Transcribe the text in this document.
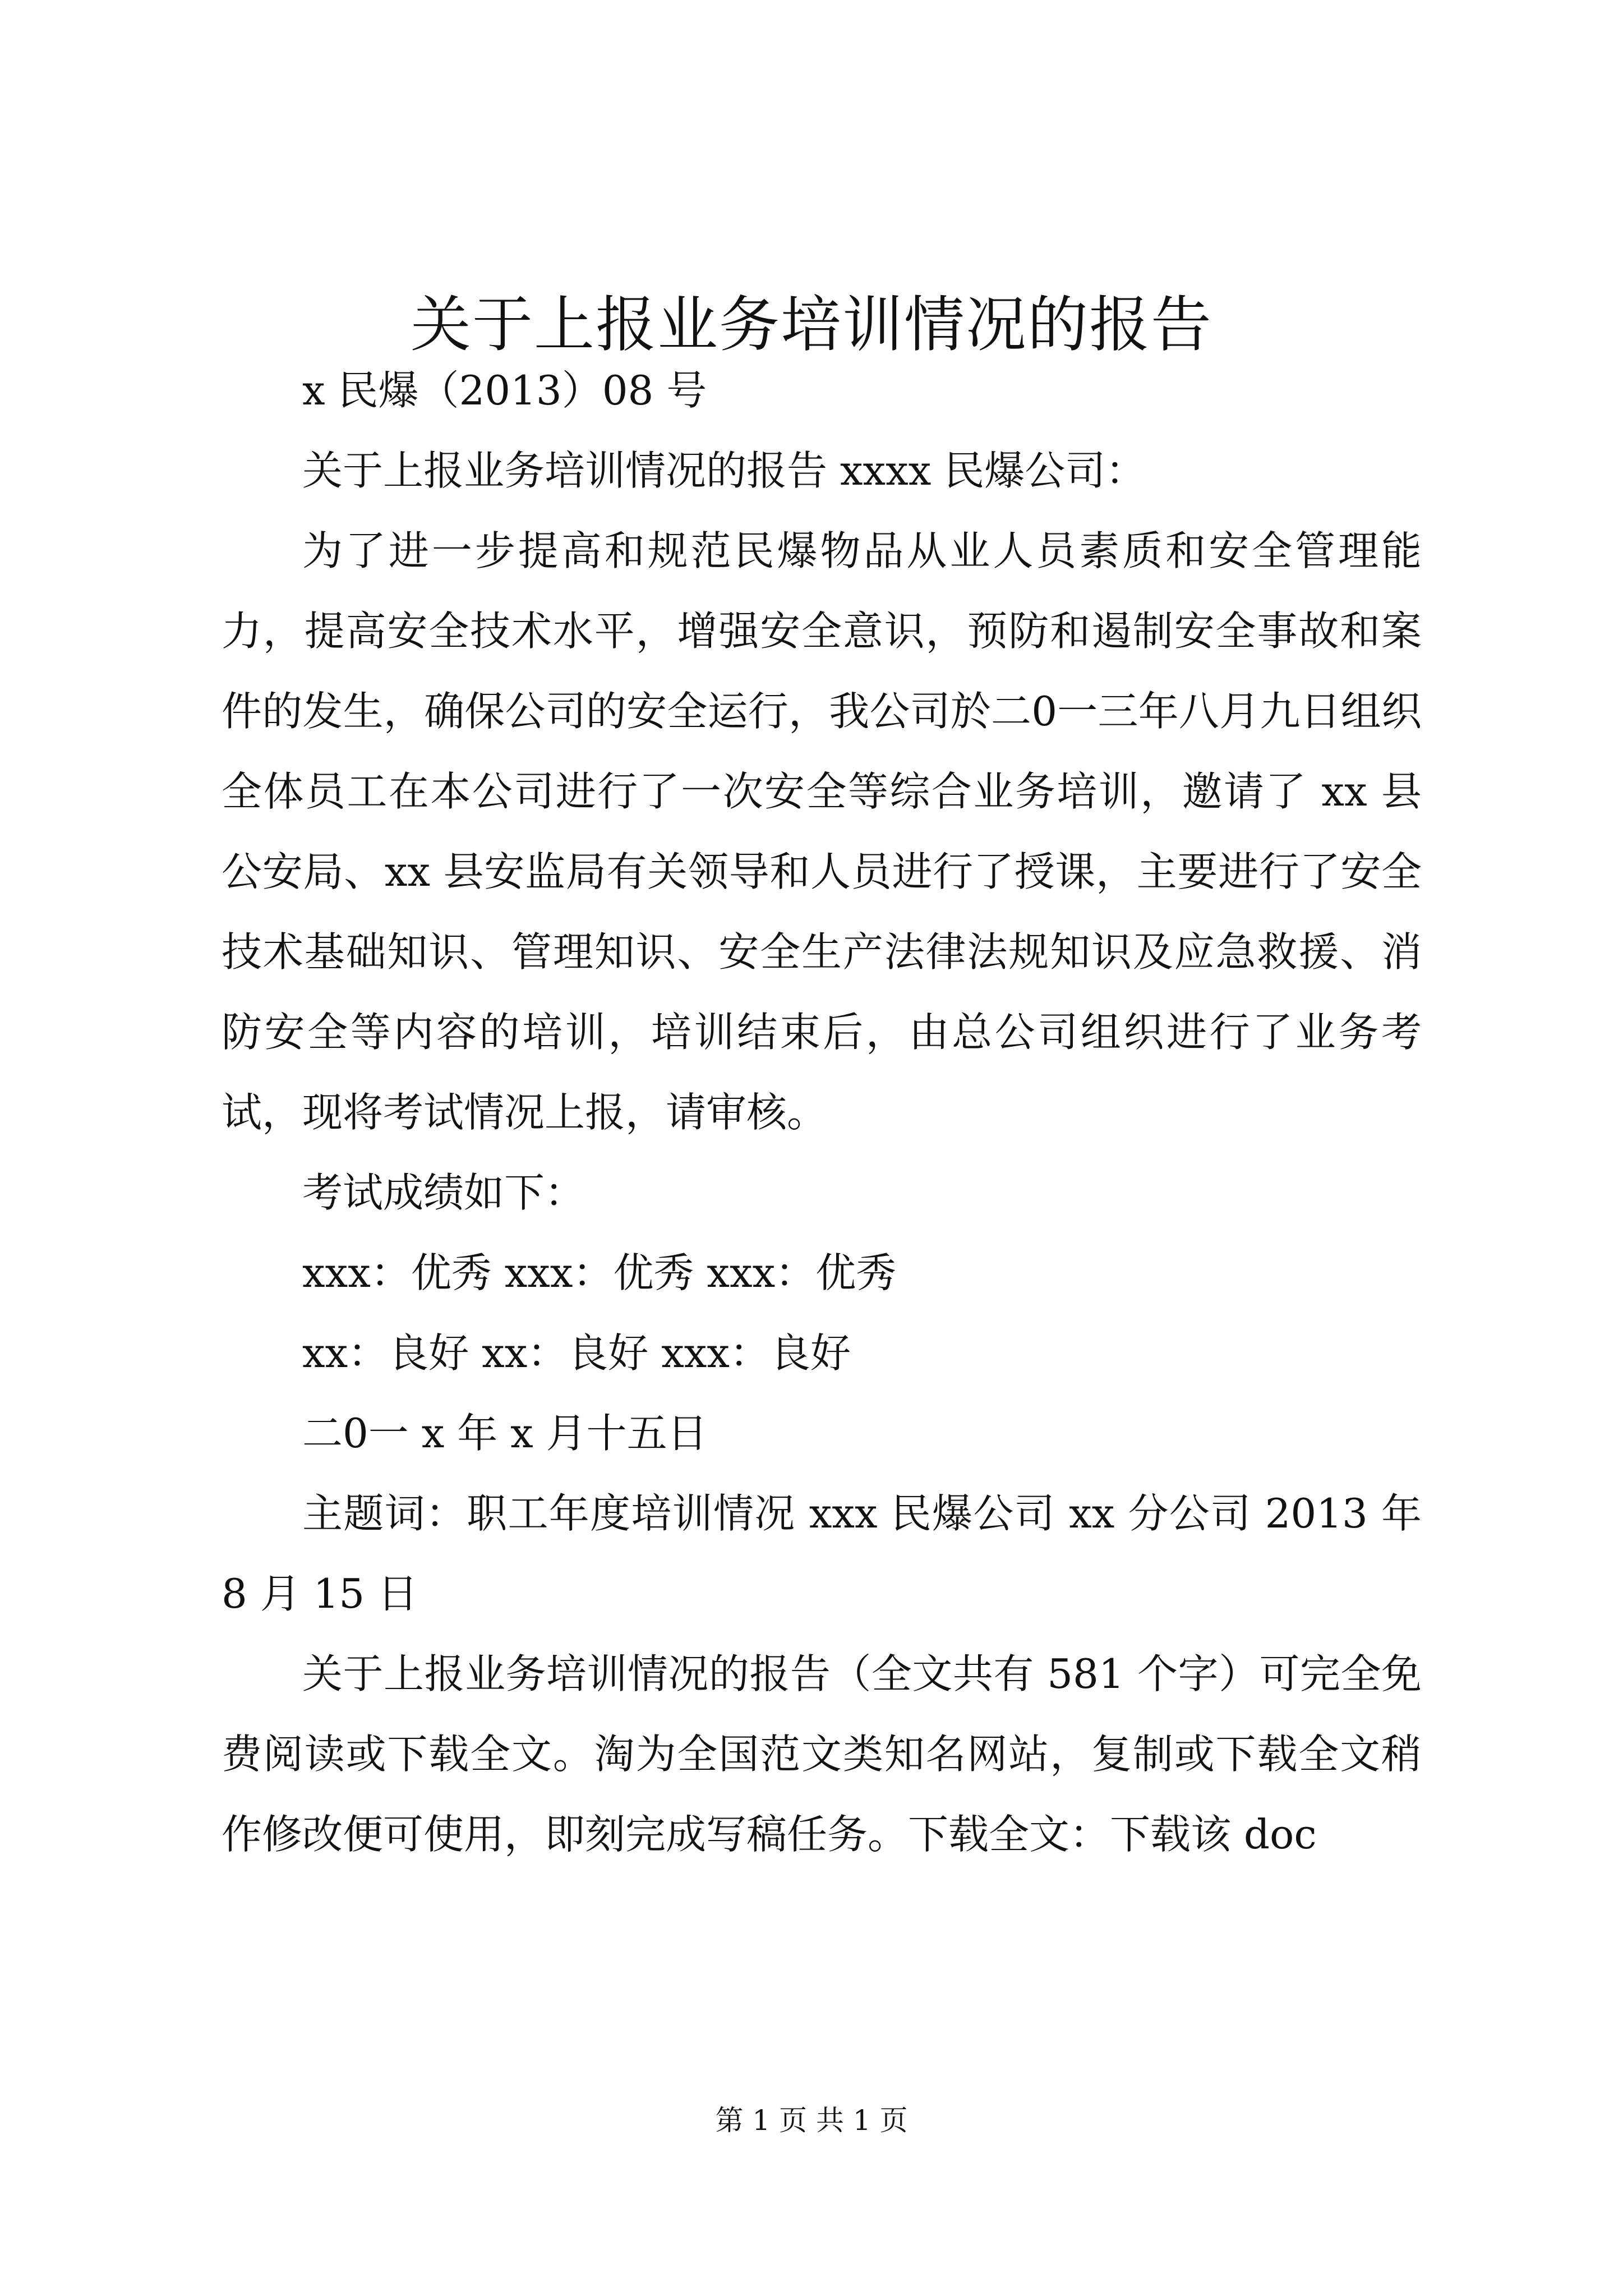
关于上报业务培训情况的报告

x 民爆（2013）08 号

关于上报业务培训情况的报告 xxxx 民爆公司：

为了进一步提高和规范民爆物品从业人员素质和安全管理能力，提高安全技术水平，增强安全意识，预防和遏制安全事故和案件的发生，确保公司的安全运行，我公司於二0一三年八月九日组织全体员工在本公司进行了一次安全等综合业务培训，邀请了 xx 县公安局、xx 县安监局有关领导和人员进行了授课，主要进行了安全技术基础知识、管理知识、安全生产法律法规知识及应急救援、消防安全等内容的培训，培训结束后，由总公司组织进行了业务考试，现将考试情况上报，请审核。

考试成绩如下：

xxx：优秀 xxx：优秀 xxx：优秀

xx：良好 xx：良好 xxx：良好

二0一 x 年 x 月十五日

主题词：职工年度培训情况 xxx 民爆公司 xx 分公司 2013 年 8 月 15 日

关于上报业务培训情况的报告（全文共有 581 个字）可完全免费阅读或下载全文。淘为全国范文类知名网站，复制或下载全文稍作修改便可使用，即刻完成写稿任务。下载全文：下载该 doc

第 1 页 共 1 页
